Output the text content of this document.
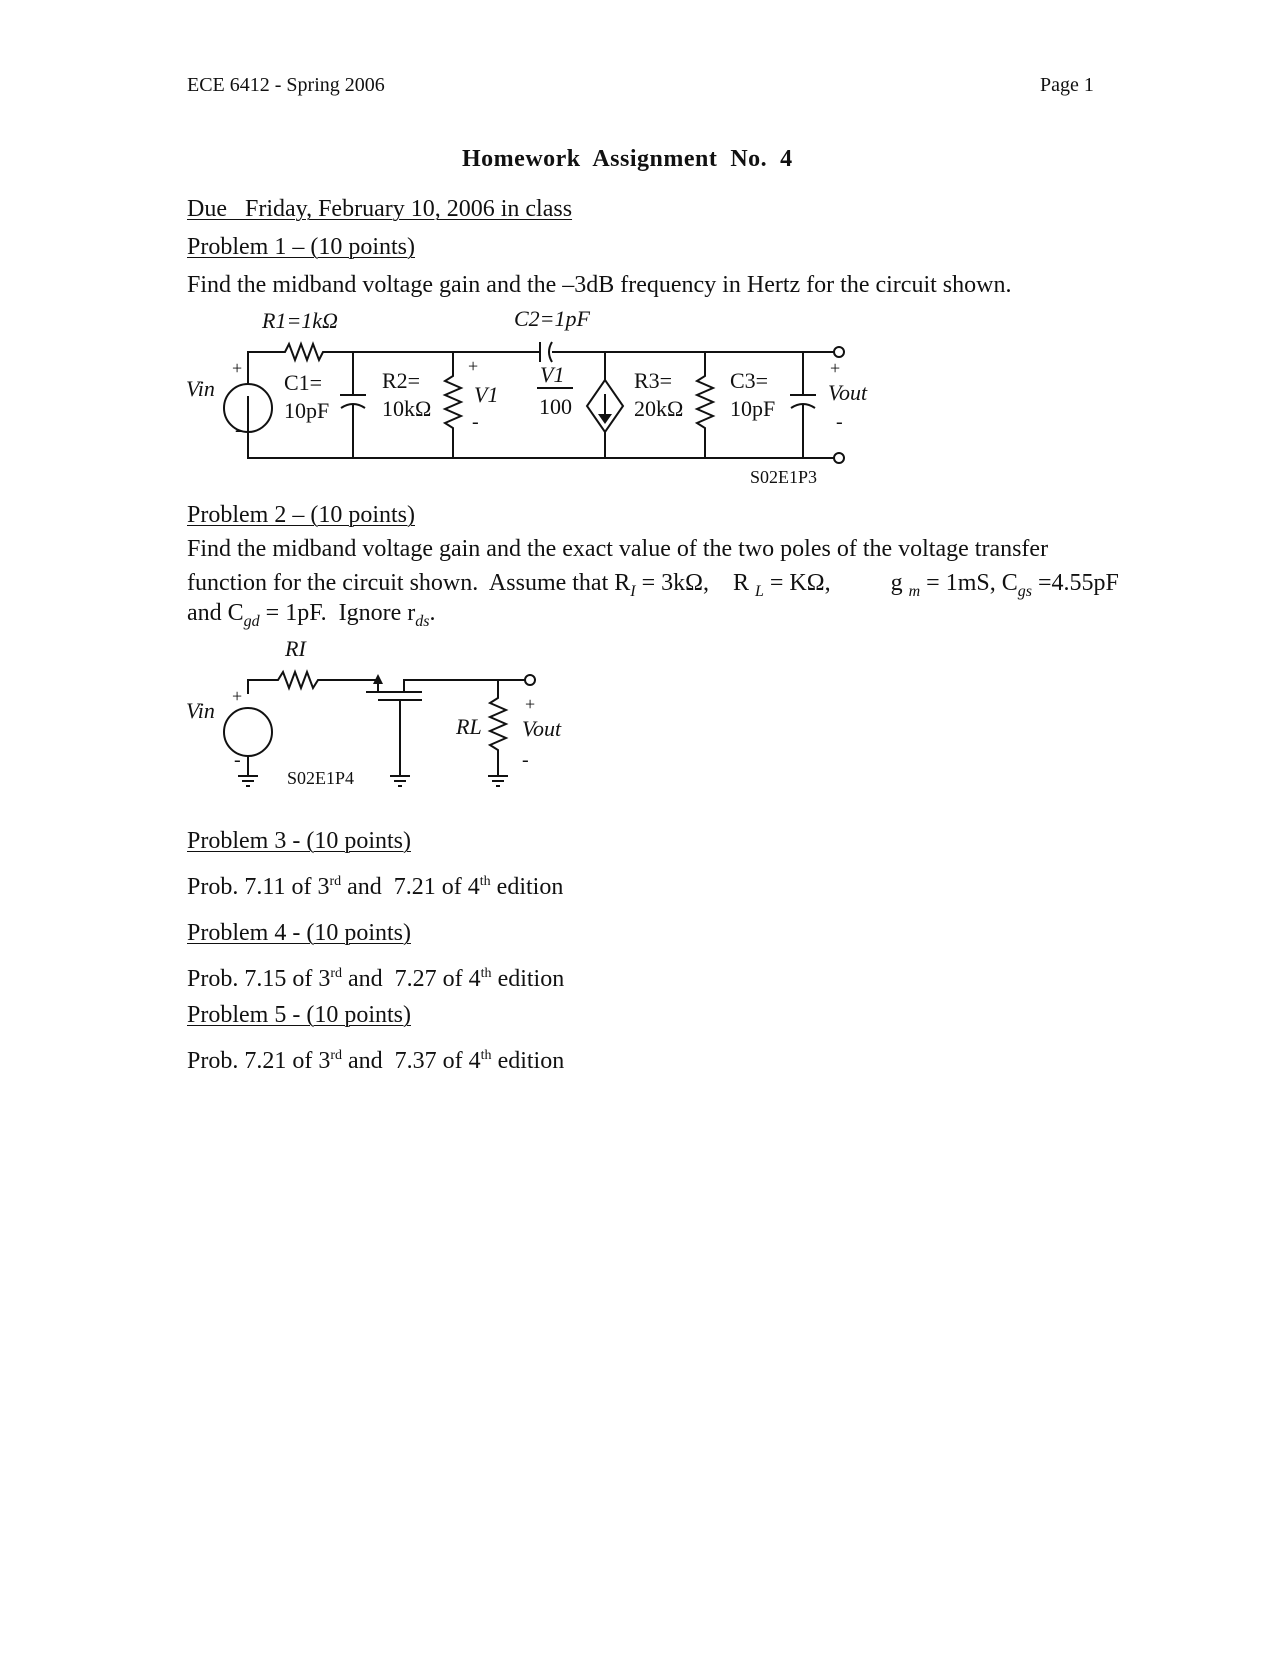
ECE 6412 - Spring 2006	Page 1
Homework  Assignment  No.  4
Due   Friday, February 10, 2006 in class
Problem 1 – (10 points)
Find the midband voltage gain and the –3dB frequency in Hertz for the circuit shown.
R1=1kΩ	C2=1pF
Vin
+
-
C1=
10pF
R2=
10kΩ
+
V1
-
V1
100
R3=
20kΩ
C3=
10pF
+
Vout
-
S02E1P3
Problem 2 – (10 points)
Find the midband voltage gain and the exact value of the two poles of the voltage transfer
function for the circuit shown.  Assume that $R_I = 3k\Omega$,    R $_L$ = KΩ,          g $_m$ = 1mS, $C_{gs} =4.55pF$
and $C_{gd} = 1pF$.  Ignore $r_{ds}$.
RI
Vin
+
-
RL
+
Vout
-
S02E1P4
Problem 3 - (10 points)
Prob. 7.11 of 3rd and  7.21 of 4th edition
Problem 4 - (10 points)
Prob. 7.15 of 3rd and  7.27 of 4th edition
Problem 5 - (10 points)
Prob. 7.21 of 3rd and  7.37 of 4th edition
